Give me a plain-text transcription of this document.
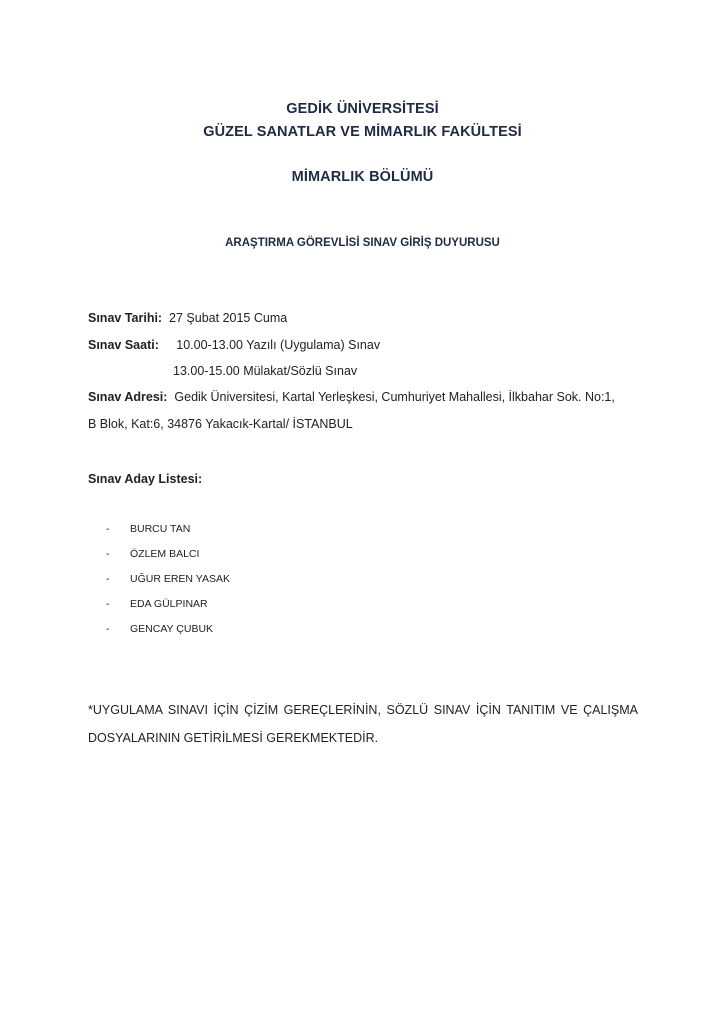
GEDİK ÜNİVERSİTESİ
GÜZEL SANATLAR VE MİMARLIK FAKÜLTESİ
MİMARLIK BÖLÜMÜ
ARAŞTIRMA GÖREVLİSİ SINAV GİRİŞ DUYURUSU
Sınav Tarihi: 27 Şubat 2015 Cuma
Sınav Saati: 10.00-13.00 Yazılı (Uygulama) Sınav
13.00-15.00 Mülakat/Sözlü Sınav
Sınav Adresi: Gedik Üniversitesi, Kartal Yerleşkesi, Cumhuriyet Mahallesi, İlkbahar Sok. No:1,
B Blok, Kat:6, 34876 Yakacık-Kartal/ İSTANBUL
Sınav Aday Listesi:
- BURCU TAN
- ÖZLEM BALCI
- UĞUR EREN YASAK
- EDA GÜLPINAR
- GENCAY ÇUBUK
*UYGULAMA SINAVI İÇİN ÇİZİM GEREÇLERİNİN, SÖZLÜ SINAV İÇİN TANITIM VE ÇALIŞMA
DOSYALARININ GETİRİLMESİ GEREKMEKTEDİR.
